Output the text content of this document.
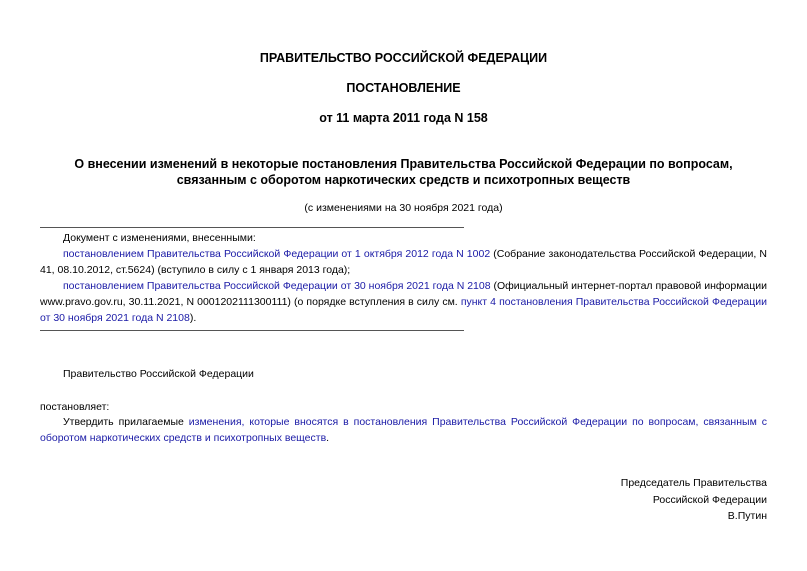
ПРАВИТЕЛЬСТВО РОССИЙСКОЙ ФЕДЕРАЦИИ
ПОСТАНОВЛЕНИЕ
от 11 марта 2011 года N 158
О внесении изменений в некоторые постановления Правительства Российской Федерации по вопросам,
связанным с оборотом наркотических средств и психотропных веществ
(с изменениями на 30 ноября 2021 года)

Документ с изменениями, внесенными:

постановлением Правительства Российской Федерации от 1 октября 2012 года N 1002 (Собрание законодательства Российской Федерации, N 41, 08.10.2012, ст.5624) (вступило в силу с 1 января 2013 года);

постановлением Правительства Российской Федерации от 30 ноября 2021 года N 2108 (Официальный интернет-портал правовой информации www.pravo.gov.ru, 30.11.2021, N 0001202111300111) (о порядке вступления в силу см. пункт 4 постановления Правительства Российской Федерации от 30 ноября 2021 года N 2108).

Правительство Российской Федерации
постановляет:
Утвердить прилагаемые изменения, которые вносятся в постановления Правительства Российской Федерации по вопросам, связанным с оборотом наркотических средств и психотропных веществ.
Председатель Правительства
Российской Федерации
В.Путин
